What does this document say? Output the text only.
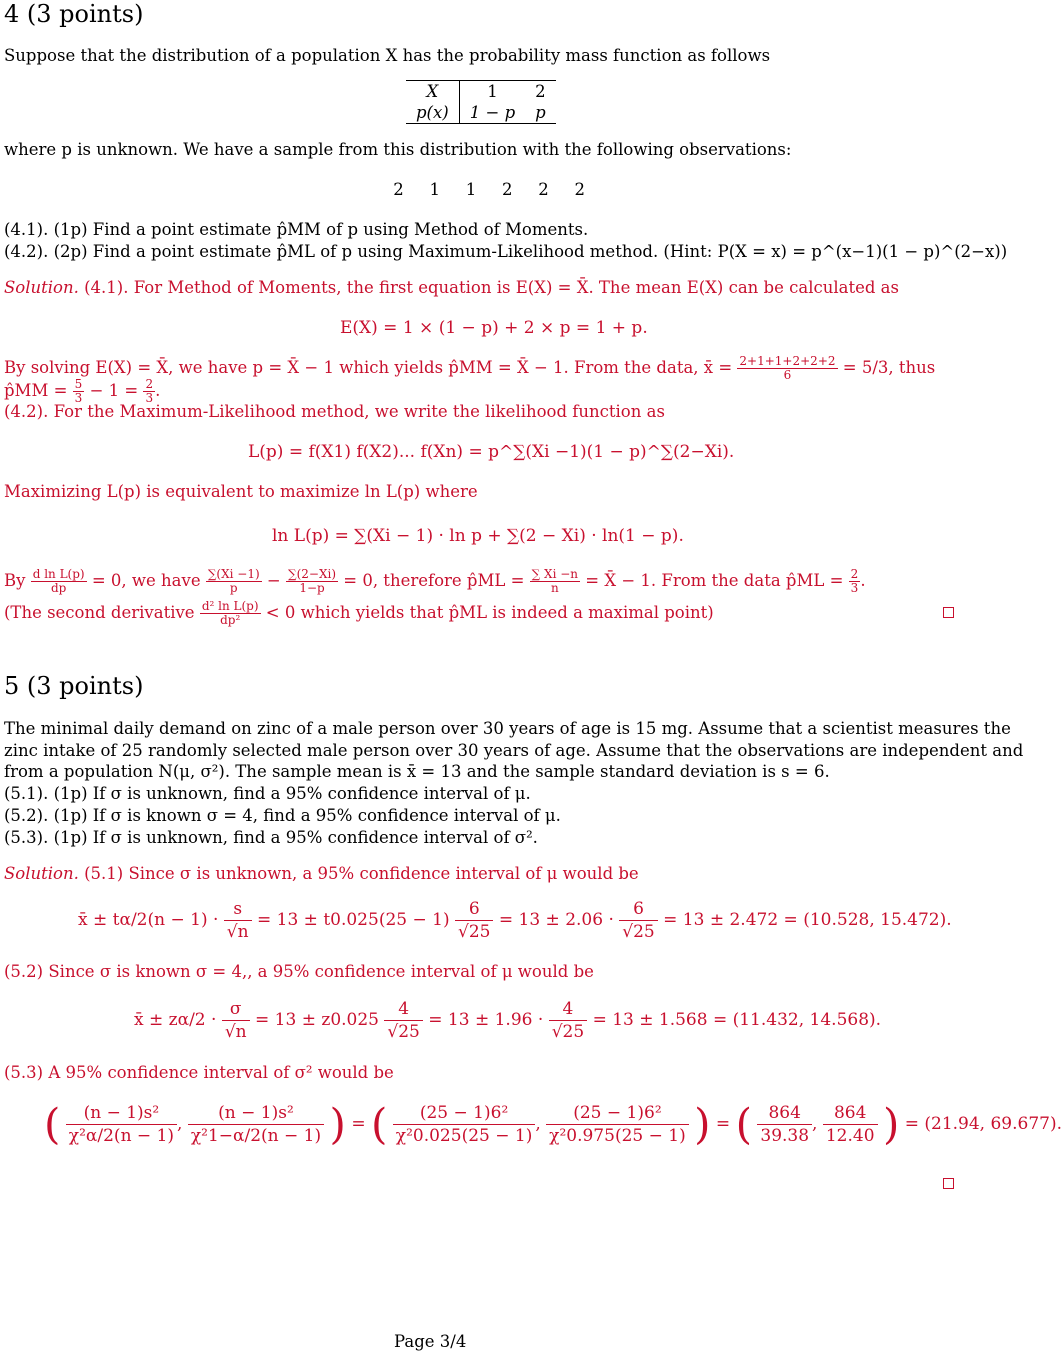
4 (3 points)
Suppose that the distribution of a population X has the probability mass function as follows
X	1	2
p(x)	1 − p	p
where p is unknown. We have a sample from this distribution with the following observations:
2 1 1 2 2 2
(4.1). (1p) Find a point estimate p̂MM of p using Method of Moments.
(4.2). (2p) Find a point estimate p̂ML of p using Maximum-Likelihood method. (Hint: P(X = x) = p^(x−1)(1 − p)^(2−x))
Solution. (4.1). For Method of Moments, the first equation is E(X) = X̄. The mean E(X) can be calculated as
E(X) = 1 × (1 − p) + 2 × p = 1 + p.
By solving E(X) = X̄, we have p = X̄ − 1 which yields p̂MM = X̄ − 1. From the data, x̄ = $\frac{2+1+1+2+2+2}{6} = 5/3$, thus
p̂MM = $\frac{5}{3} - 1 = \frac{2}{3}$ .
(4.2). For the Maximum-Likelihood method, we write the likelihood function as
L(p) = f(X1) f(X2)... f(Xn) = p^∑(Xi −1)(1 − p)^∑(2−Xi).
Maximizing L(p) is equivalent to maximize ln L(p) where
ln L(p) = ∑(Xi − 1) · ln p + ∑(2 − Xi) · ln(1 − p).
By $\frac{\text{d ln L(p)}}{dp} = 0$, we have $\frac{\sum(Xi -1)}{p} - \frac{\sum(2-Xi)}{1-p} = 0$, therefore p̂ML = $\frac{\sum Xi -n}{n}$ = X̄ − 1. From the data p̂ML = $\frac{2}{3}$ .
(The second derivative $\frac{\text{d² ln L(p)}}{\text{dp²}} < 0$ which yields that p̂ML is indeed a maximal point)
5 (3 points)
The minimal daily demand on zinc of a male person over 30 years of age is 15 mg. Assume that a scientist measures the
zinc intake of 25 randomly selected male person over 30 years of age. Assume that the observations are independent and
from a population N(μ, σ²). The sample mean is x̄ = 13 and the sample standard deviation is s = 6.
(5.1). (1p) If σ is unknown, find a 95% confidence interval of μ.
(5.2). (1p) If σ is known σ = 4, find a 95% confidence interval of μ.
(5.3). (1p) If σ is unknown, find a 95% confidence interval of σ².
Solution. (5.1) Since σ is unknown, a 95% confidence interval of μ would be
x̄ ± $t\alpha/2(n - 1) \cdot \frac{s}{√n} = 13 \pm t0.025(25 - 1) \frac{6}{√25} = 13 \pm 2.06 \cdot \frac{6}{√25} = 13 \pm 2.472 = (10.528$, 15.472).
(5.2) Since σ is known σ = 4,, a 95% confidence interval of μ would be
x̄ ± $z\alpha/2 \cdot \frac{\sigma}{√n} = 13 \pm z0.025 \frac{4}{√25} = 13 \pm 1.96 \cdot \frac{4}{√25} = 13 \pm 1.568 = (11.432$, 14.568).
(5.3) A 95% confidence interval of σ² would be
( $\frac{\text{(n − 1)s²}}{\text{χ²α/2(n − 1)}}$ , $\frac{\text{(n − 1)s²}}{\text{χ²1−α/2(n − 1)}}$ ) = ( $\frac{\text{(25 − 1)6²}}{\text{χ²0.025(25 − 1)}}$ , $\frac{\text{(25 − 1)6²}}{\text{χ²0.975(25 − 1)}}$ ) = ( $\frac{864}{39.38}$ , $\frac{864}{12.40}$ ) = (21.94, 69.677).
Page 3/4
